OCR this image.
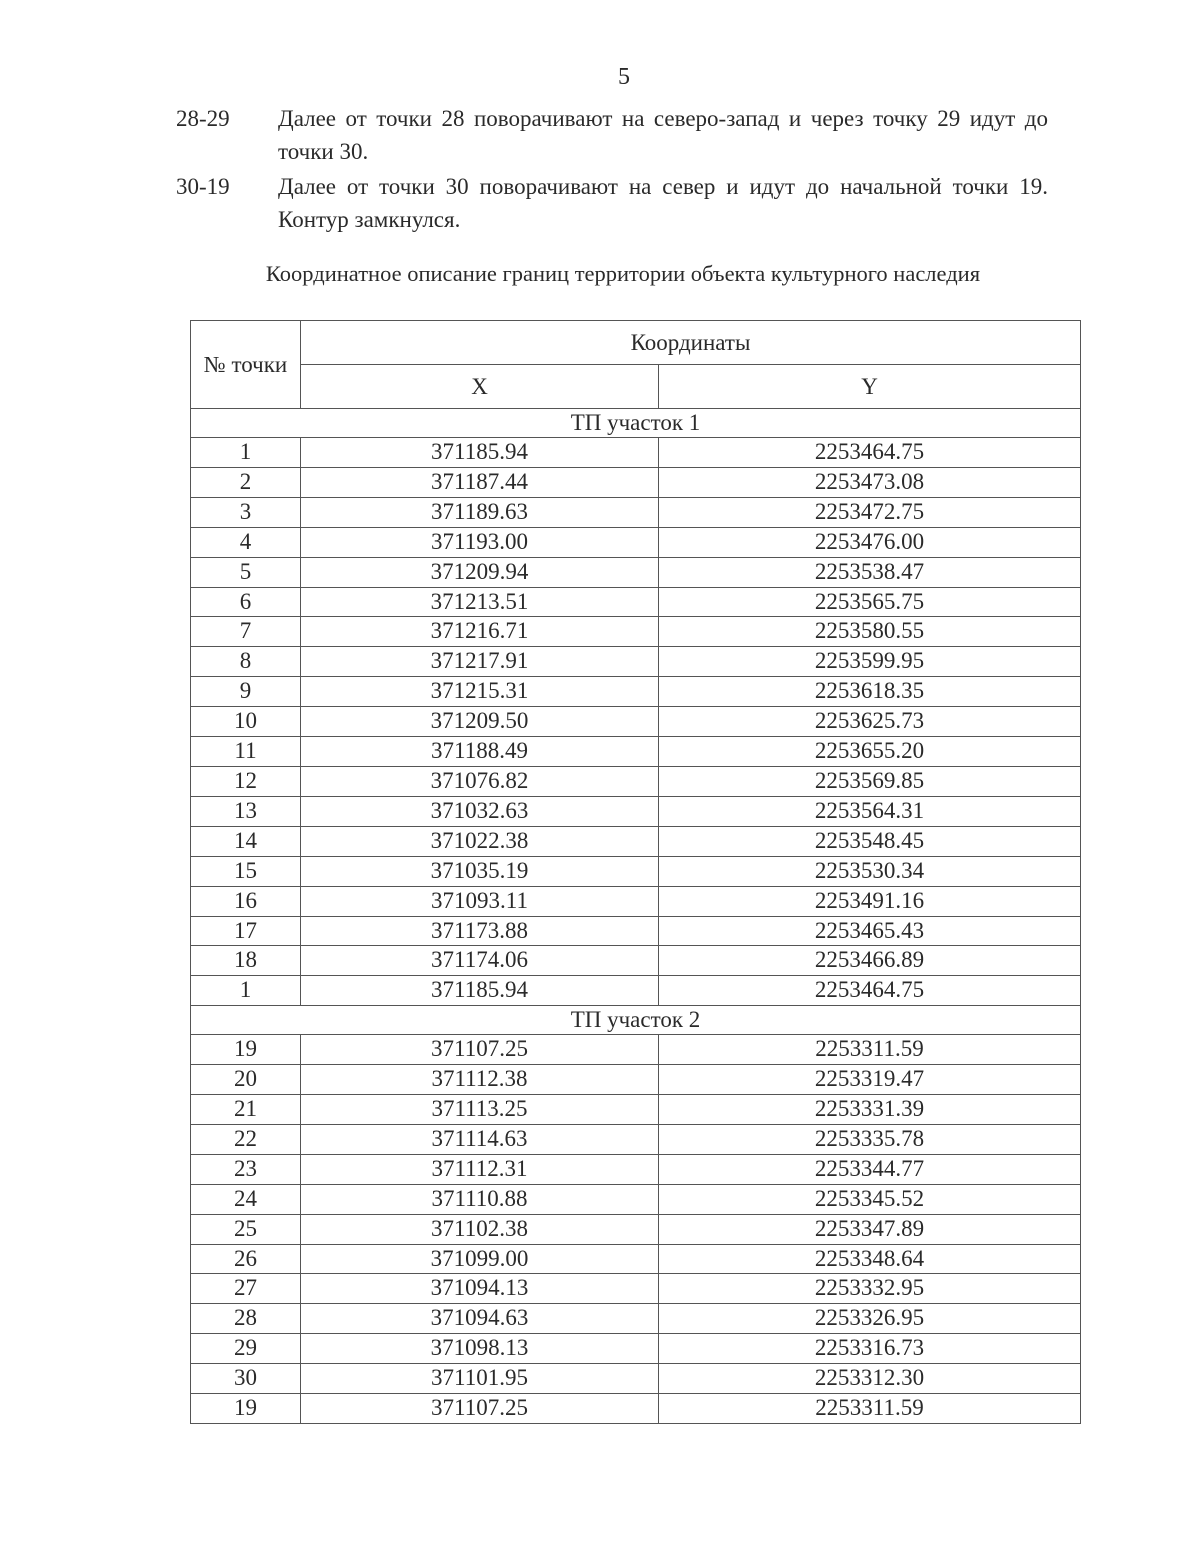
5
28-29	Далее от точки 28 поворачивают на северо-запад и через точку 29 идут до точки 30.
30-19	Далее от точки 30 поворачивают на север и идут до начальной точки 19. Контур замкнулся.
Координатное описание границ территории объекта культурного наследия
№ точки	Координаты	
	X	Y
ТП участок 1		
1	371185.94	2253464.75
2	371187.44	2253473.08
3	371189.63	2253472.75
4	371193.00	2253476.00
5	371209.94	2253538.47
6	371213.51	2253565.75
7	371216.71	2253580.55
8	371217.91	2253599.95
9	371215.31	2253618.35
10	371209.50	2253625.73
11	371188.49	2253655.20
12	371076.82	2253569.85
13	371032.63	2253564.31
14	371022.38	2253548.45
15	371035.19	2253530.34
16	371093.11	2253491.16
17	371173.88	2253465.43
18	371174.06	2253466.89
1	371185.94	2253464.75
ТП участок 2		
19	371107.25	2253311.59
20	371112.38	2253319.47
21	371113.25	2253331.39
22	371114.63	2253335.78
23	371112.31	2253344.77
24	371110.88	2253345.52
25	371102.38	2253347.89
26	371099.00	2253348.64
27	371094.13	2253332.95
28	371094.63	2253326.95
29	371098.13	2253316.73
30	371101.95	2253312.30
19	371107.25	2253311.59
